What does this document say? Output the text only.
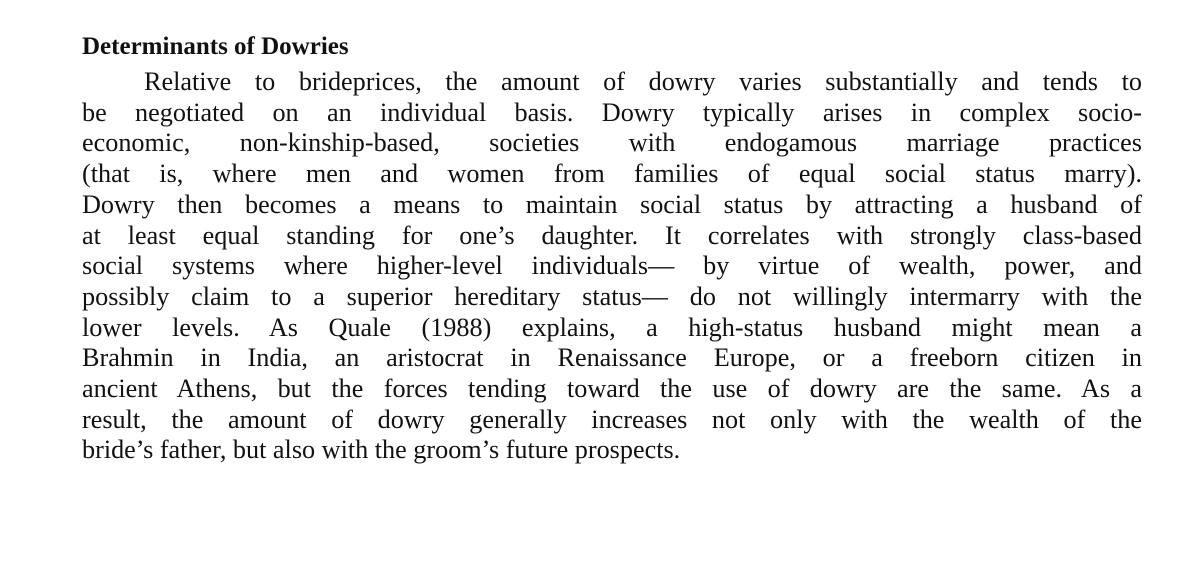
Determinants of Dowries

Relative to brideprices, the amount of dowry varies substantially and tends to
be negotiated on an individual basis. Dowry typically arises in complex socio-
economic, non-kinship-based, societies with endogamous marriage practices
(that is, where men and women from families of equal social status marry).
Dowry then becomes a means to maintain social status by attracting a husband of
at least equal standing for one’s daughter. It correlates with strongly class-based
social systems where higher-level individuals— by virtue of wealth, power, and
possibly claim to a superior hereditary status— do not willingly intermarry with the
lower levels. As Quale (1988) explains, a high-status husband might mean a
Brahmin in India, an aristocrat in Renaissance Europe, or a freeborn citizen in
ancient Athens, but the forces tending toward the use of dowry are the same. As a
result, the amount of dowry generally increases not only with the wealth of the
bride’s father, but also with the groom’s future prospects.
